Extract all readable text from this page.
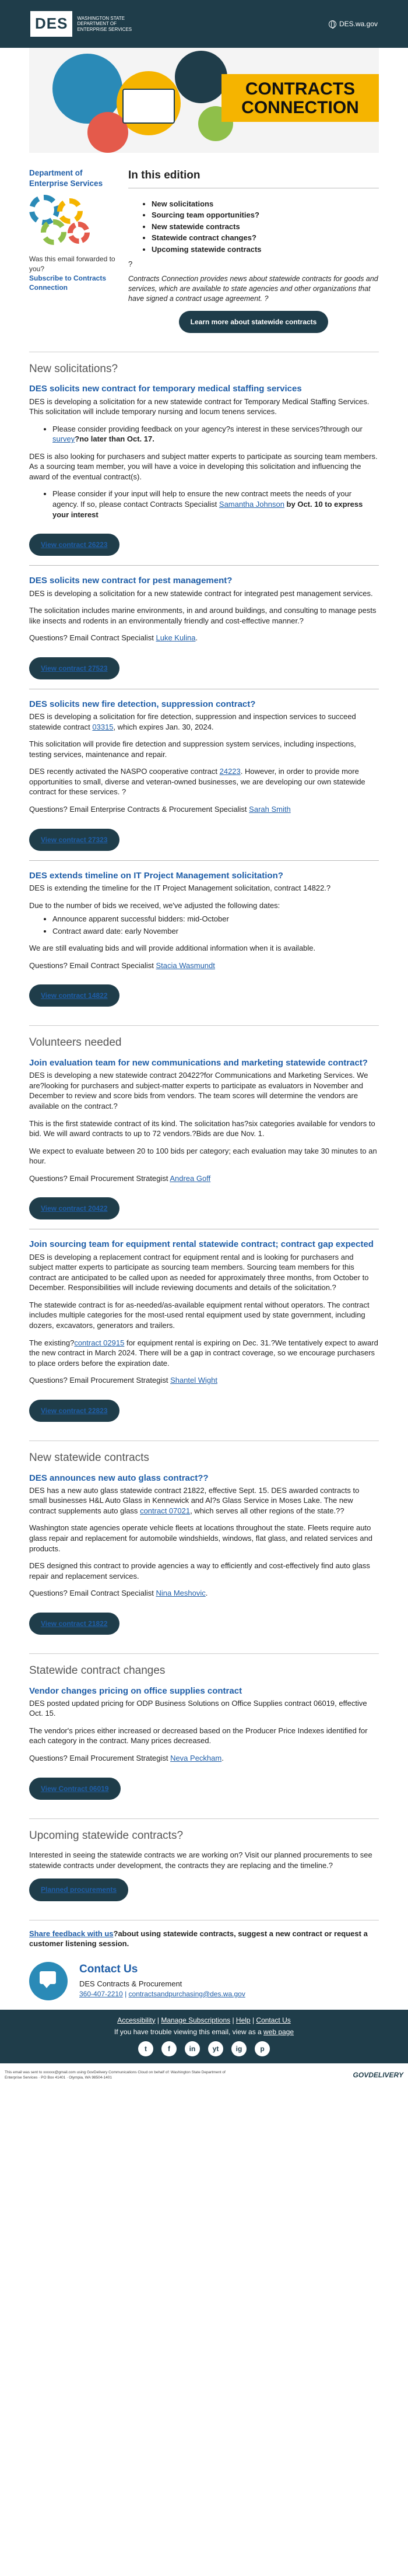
DES	WASHINGTON STATE DEPARTMENT OF ENTERPRISE SERVICES
DES.wa.gov
CONTRACTS
CONNECTION
Department of Enterprise Services
Was this email forwarded to you?
Subscribe to Contracts Connection
In this edition
• New solicitations
• Sourcing team opportunities?
• New statewide contracts
• Statewide contract changes?
• Upcoming statewide contracts
?

Contracts Connection provides news about statewide contracts for goods and services, which are available to state agencies and other organizations that have signed a contract usage agreement. ?

Learn more about statewide contracts
New solicitations?
DES solicits new contract for temporary medical staffing services

DES is developing a solicitation for a new statewide contract for Temporary Medical Staffing Services. This solicitation will include temporary nursing and locum tenens services.

• Please consider providing feedback on your agency?s interest in these services?through our survey?no later than Oct. 17.

DES is also looking for purchasers and subject matter experts to participate as sourcing team members. As a sourcing team member, you will have a voice in developing this solicitation and influencing the award of the eventual contract(s).

• Please consider if your input will help to ensure the new contract meets the needs of your agency. If so, please contact Contracts Specialist Samantha Johnson by Oct. 10 to express your interest
View contract 26223
DES solicits new contract for pest management?

DES is developing a solicitation for a new statewide contract for integrated pest management services.

The solicitation includes marine environments, in and around buildings, and consulting to manage pests like insects and rodents in an environmentally friendly and cost-effective manner.?

Questions? Email Contract Specialist Luke Kulina.

View contract 27523
DES solicits new fire detection, suppression contract?

DES is developing a solicitation for fire detection, suppression and inspection services to succeed statewide contract 03315, which expires Jan. 30, 2024.

This solicitation will provide fire detection and suppression system services, including inspections, testing services, maintenance and repair.

DES recently activated the NASPO cooperative contract 24223. However, in order to provide more opportunities to small, diverse and veteran-owned businesses, we are developing our own statewide contract for these services. ?

Questions? Email Enterprise Contracts & Procurement Specialist Sarah Smith

View contract 27323
DES extends timeline on IT Project Management solicitation?

DES is extending the timeline for the IT Project Management solicitation, contract 14822.?

Due to the number of bids we received, we've adjusted the following dates:

• Announce apparent successful bidders: mid-October
• Contract award date: early November

We are still evaluating bids and will provide additional information when it is available.

Questions? Email Contract Specialist Stacia Wasmundt

View contract 14822
Volunteers needed
Join evaluation team for new communications and marketing statewide contract?

DES is developing a new statewide contract 20422?for Communications and Marketing Services. We are?looking for purchasers and subject-matter experts to participate as evaluators in November and December to review and score bids from vendors. The team scores will determine the vendors are available on the contract.?

This is the first statewide contract of its kind. The solicitation has?six categories available for vendors to bid. We will award contracts to up to 72 vendors.?Bids are due Nov. 1.

We expect to evaluate between 20 to 100 bids per category; each evaluation may take 30 minutes to an hour.

Questions? Email Procurement Strategist Andrea Goff

View contract 20422
Join sourcing team for equipment rental statewide contract; contract gap expected

DES is developing a replacement contract for equipment rental and is looking for purchasers and subject matter experts to participate as sourcing team members. Sourcing team members for this contract are anticipated to be called upon as needed for approximately three months, from October to December. Responsibilities will include reviewing documents and details of the solicitation.?

The statewide contract is for as-needed/as-available equipment rental without operators. The contract includes multiple categories for the most-used rental equipment used by state government, including dozers, excavators, generators and trailers.

The existing?contract 02915 for equipment rental is expiring on Dec. 31.?We tentatively expect to award the new contract in March 2024. There will be a gap in contract coverage, so we encourage purchasers to place orders before the expiration date.

Questions? Email Procurement Strategist Shantel Wight

View contract 22823
New statewide contracts
DES announces new auto glass contract??

DES has a new auto glass statewide contract 21822, effective Sept. 15. DES awarded contracts to small businesses H&L Auto Glass in Kennewick and Al?s Glass Service in Moses Lake. The new contract supplements auto glass contract 07021, which serves all other regions of the state.??

Washington state agencies operate vehicle fleets at locations throughout the state. Fleets require auto glass repair and replacement for automobile windshields, windows, flat glass, and related services and products.

DES designed this contract to provide agencies a way to efficiently and cost-effectively find auto glass repair and replacement services.

Questions? Email Contract Specialist Nina Meshovic.

View contract 21822
Statewide contract changes
Vendor changes pricing on office supplies contract

DES posted updated pricing for ODP Business Solutions on Office Supplies contract 06019, effective Oct. 15.

The vendor's prices either increased or decreased based on the Producer Price Indexes identified for each category in the contract. Many prices decreased.

Questions? Email Procurement Strategist Neva Peckham.

View Contract 06019
Upcoming statewide contracts?

Interested in seeing the statewide contracts we are working on? Visit our planned procurements to see statewide contracts under development, the contracts they are replacing and the timeline.?

Planned procurements
Share feedback with us?about using statewide contracts, suggest a new contract or request a customer listening session.
Contact Us
DES Contracts & Procurement
360-407-2210 | contractsandpurchasing@des.wa.gov
Accessibility | Manage Subscriptions | Help | Contact Us
If you have trouble viewing this email, view as a web page
t	f	in	yt	ig	p
This email was sent to xxxxxx@gmail.com using GovDelivery Communications Cloud on behalf of: Washington State Department of
Enterprise Services · PO Box 41401 · Olympia, WA 98504-1401	GOVDELIVERY
